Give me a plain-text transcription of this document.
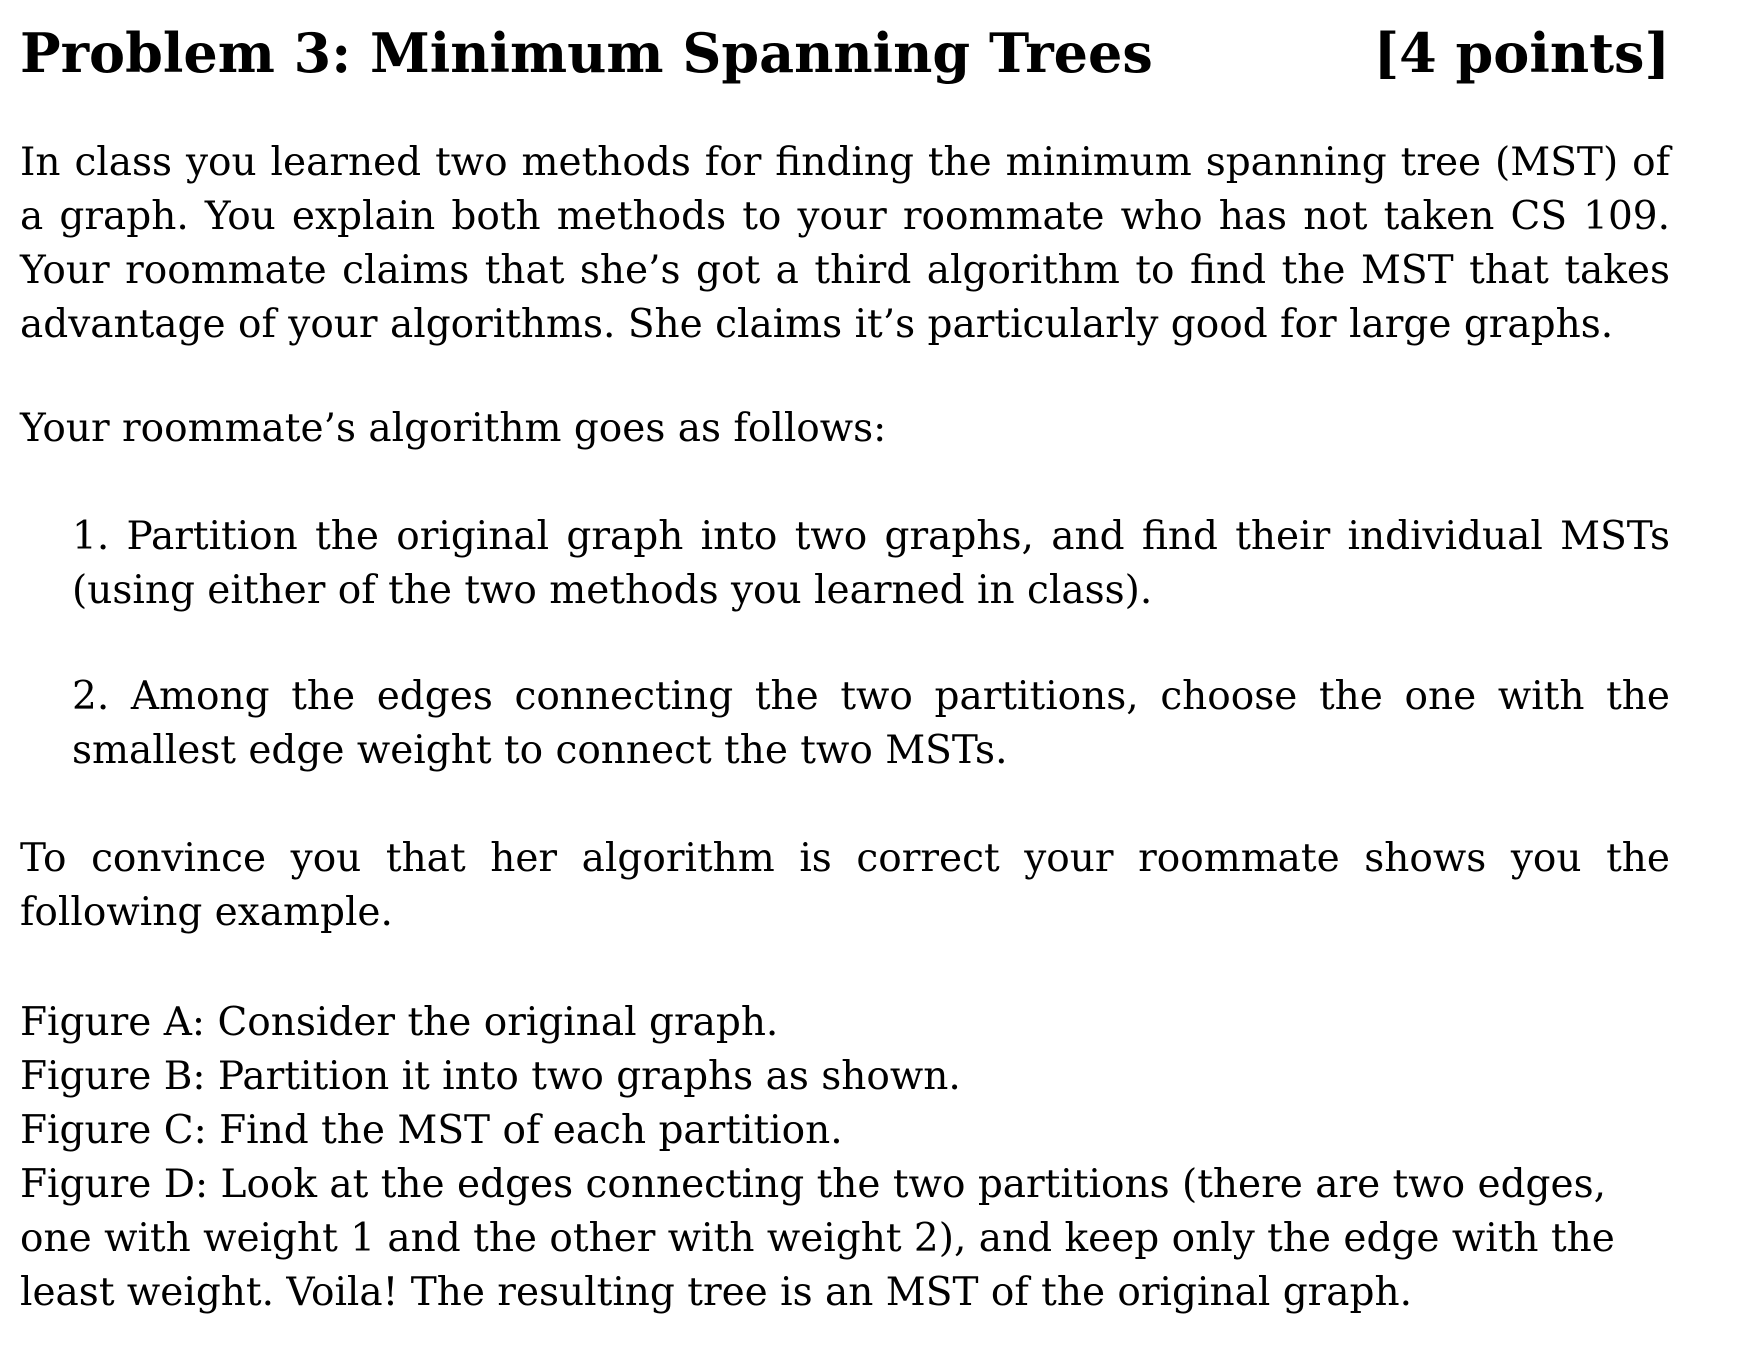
Problem 3: Minimum Spanning Trees	[4 points]

In class you learned two methods for finding the minimum spanning tree (MST) of a graph. You explain both methods to your roommate who has not taken CS 109. Your roommate claims that she’s got a third algorithm to find the MST that takes advantage of your algorithms. She claims it’s particularly good for large graphs.

Your roommate’s algorithm goes as follows:

1. Partition the original graph into two graphs, and find their individual MSTs (using either of the two methods you learned in class).

2. Among the edges connecting the two partitions, choose the one with the smallest edge weight to connect the two MSTs.

To convince you that her algorithm is correct your roommate shows you the following example.

Figure A: Consider the original graph.
Figure B: Partition it into two graphs as shown.
Figure C: Find the MST of each partition.
Figure D: Look at the edges connecting the two partitions (there are two edges, one with weight 1 and the other with weight 2), and keep only the edge with the least weight. Voila! The resulting tree is an MST of the original graph.
